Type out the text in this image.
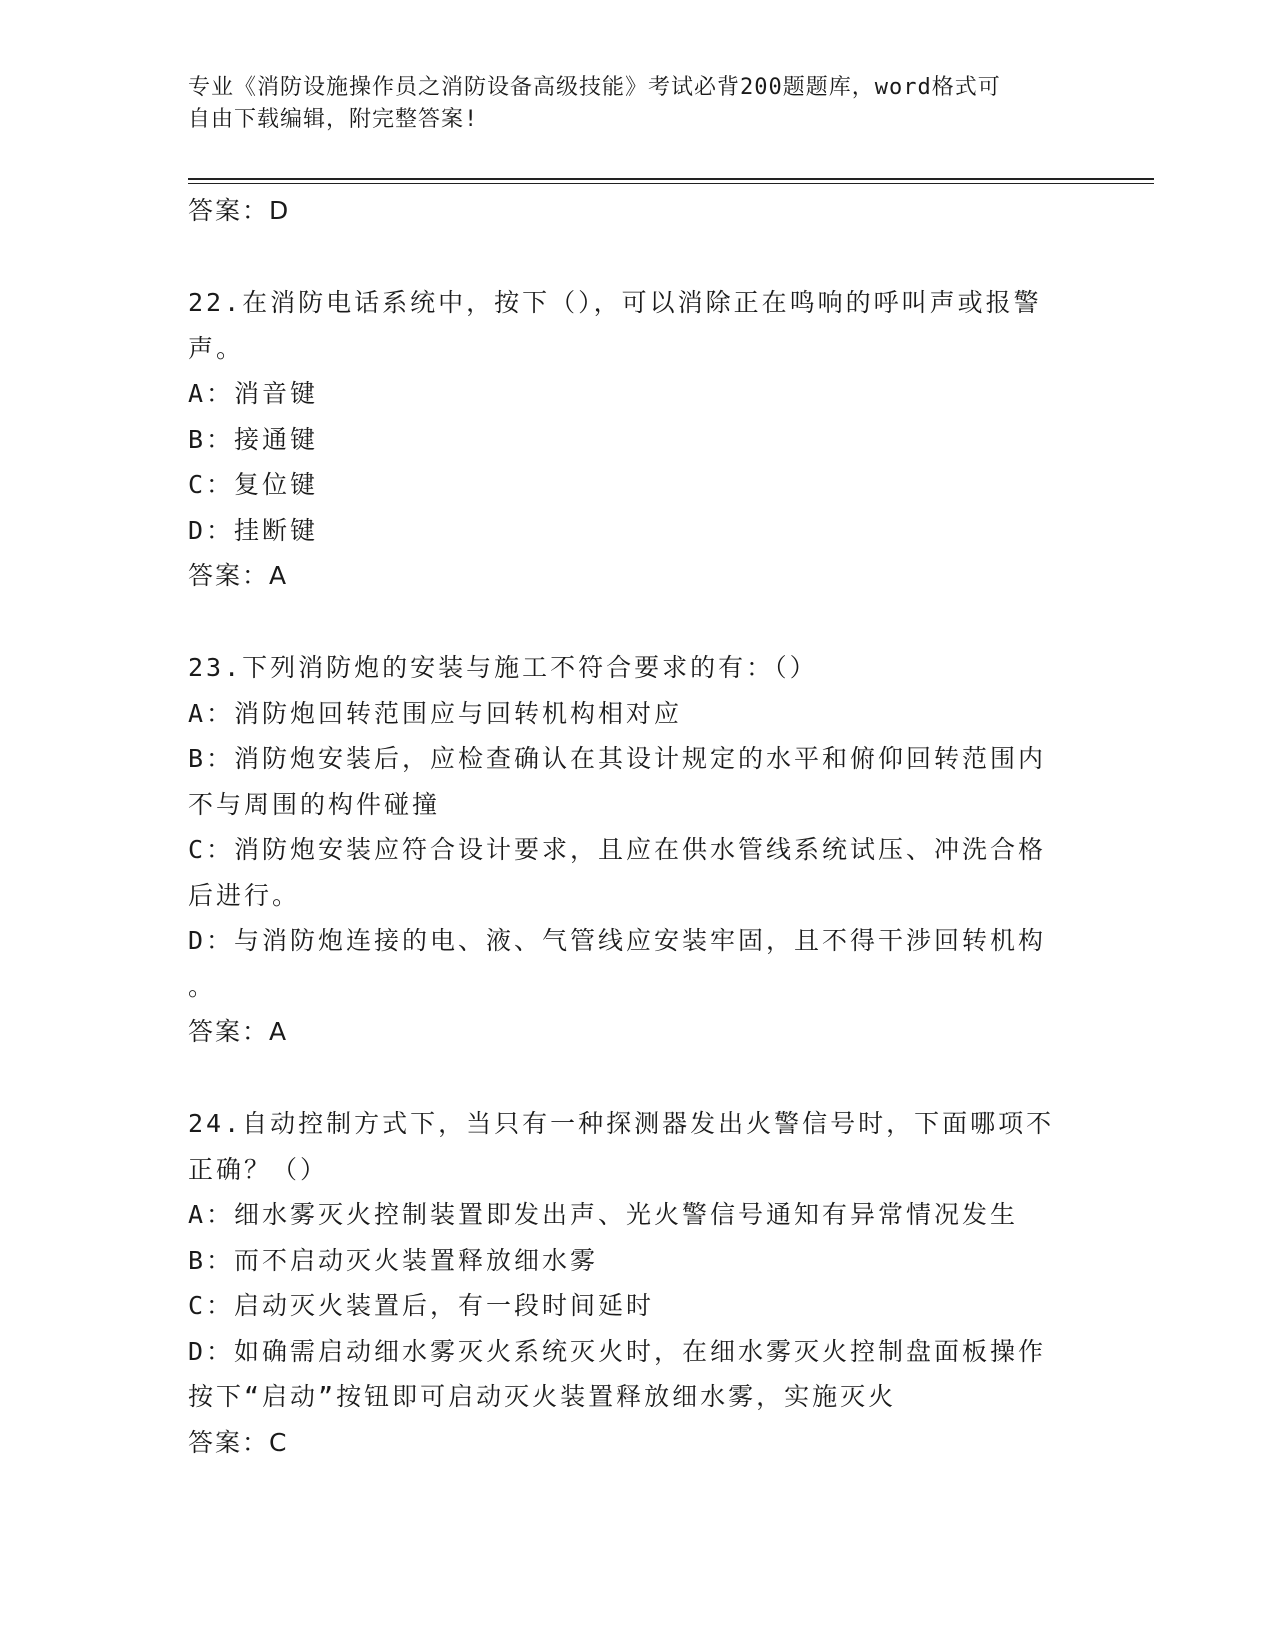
专业《消防设施操作员之消防设备高级技能》考试必背200题题库，word格式可
自由下载编辑，附完整答案!
答案：D
22.在消防电话系统中，按下（），可以消除正在鸣响的呼叫声或报警
声。
A：消音键
B：接通键
C：复位键
D：挂断键
答案：A
23.下列消防炮的安装与施工不符合要求的有：（）
A：消防炮回转范围应与回转机构相对应
B：消防炮安装后，应检查确认在其设计规定的水平和俯仰回转范围内
不与周围的构件碰撞
C：消防炮安装应符合设计要求，且应在供水管线系统试压、冲洗合格
后进行。
D：与消防炮连接的电、液、气管线应安装牢固，且不得干涉回转机构
。
答案：A
24.自动控制方式下，当只有一种探测器发出火警信号时，下面哪项不
正确？（）
A：细水雾灭火控制装置即发出声、光火警信号通知有异常情况发生
B：而不启动灭火装置释放细水雾
C：启动灭火装置后，有一段时间延时
D：如确需启动细水雾灭火系统灭火时，在细水雾灭火控制盘面板操作
按下“启动”按钮即可启动灭火装置释放细水雾，实施灭火
答案：C
